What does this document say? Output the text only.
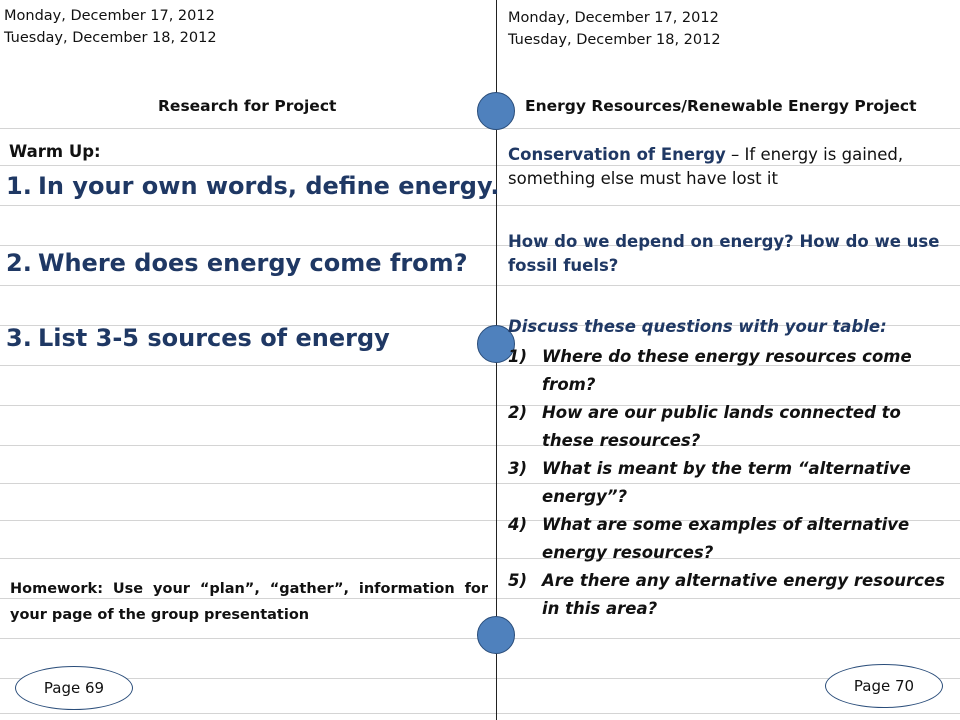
Monday, December 17, 2012
Tuesday, December 18, 2012
Research for Project
Warm Up:
1. In your own words, define energy.
2. Where does energy come from?
3. List 3-5 sources of energy
Homework: Use your “plan”, “gather”, information for your page of the group presentation
Page 69
Monday, December 17, 2012
Tuesday, December 18, 2012
Energy Resources/Renewable Energy Project
Conservation of Energy – If energy is gained, something else must have lost it
How do we depend on energy? How do we use fossil fuels?
Discuss these questions with your table:
1) Where do these energy resources come from?
2) How are our public lands connected to these resources?
3) What is meant by the term “alternative energy”?
4) What are some examples of alternative energy resources?
5) Are there any alternative energy resources in this area?
Page 70
